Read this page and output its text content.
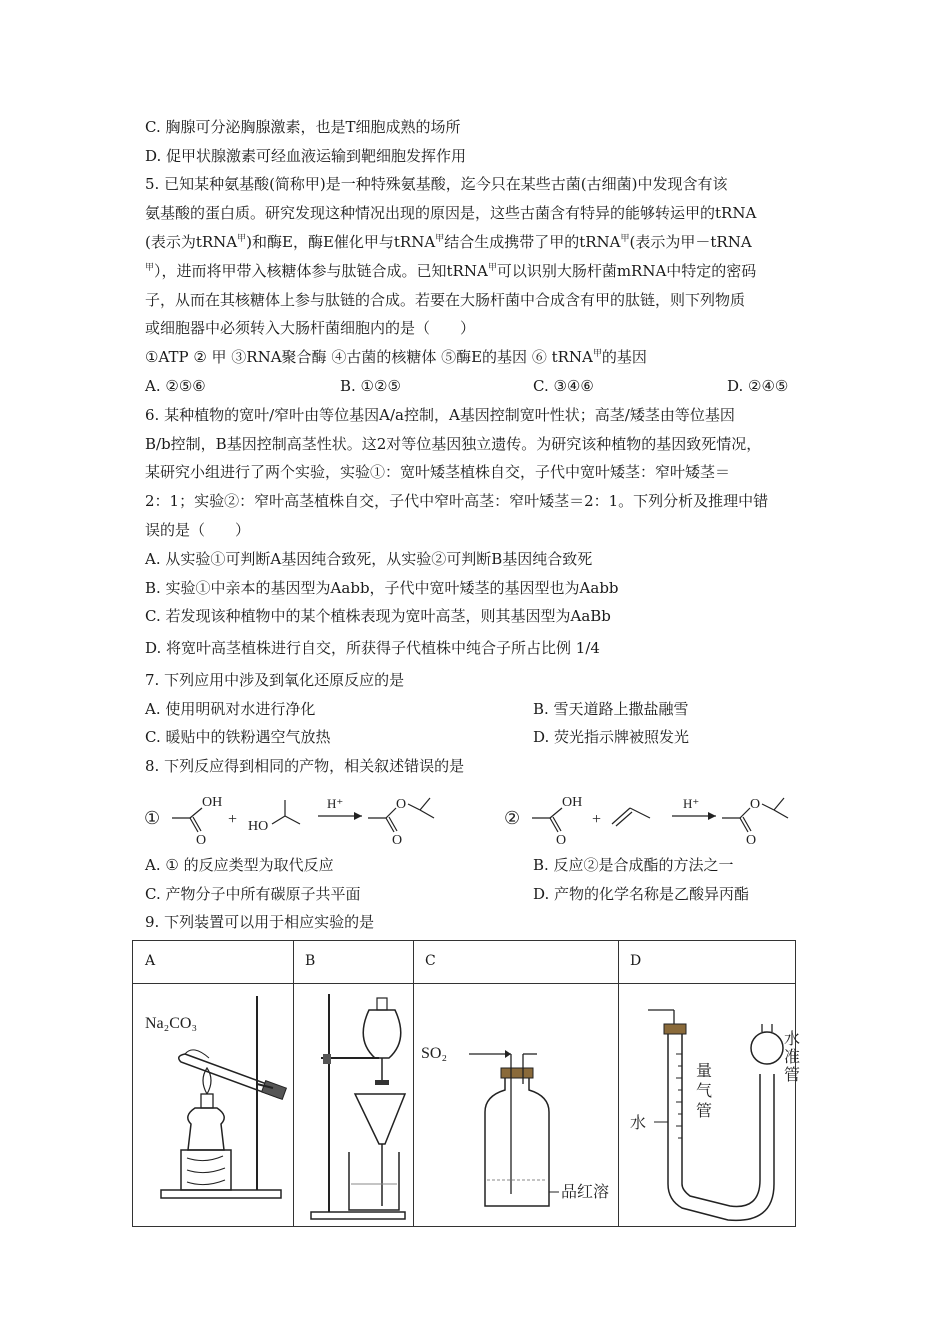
C. 胸腺可分泌胸腺激素，也是T细胞成熟的场所
D. 促甲状腺激素可经血液运输到靶细胞发挥作用
5. 已知某种氨基酸(简称甲)是一种特殊氨基酸，迄今只在某些古菌(古细菌)中发现含有该
氨基酸的蛋白质。研究发现这种情况出现的原因是，这些古菌含有特异的能够转运甲的tRNA
(表示为tRNA$^甲$)和酶E，酶E催化甲与tRNA$^甲$结合生成携带了甲的tRNA$^甲$(表示为甲－tRNA
$^甲$），进而将甲带入核糖体参与肽链合成。已知tRNA$^甲$可以识别大肠杆菌mRNA中特定的密码
子，从而在其核糖体上参与肽链的合成。若要在大肠杆菌中合成含有甲的肽链，则下列物质
或细胞器中必须转入大肠杆菌细胞内的是（　　）
①ATP ② 甲 ③RNA聚合酶 ④古菌的核糖体 ⑤酶E的基因 ⑥ tRNA$^甲$的基因
A. ②⑤⑥	B. ①②⑤	C. ③④⑥	D. ②④⑤
6. 某种植物的宽叶/窄叶由等位基因A/a控制，A基因控制宽叶性状；高茎/矮茎由等位基因
B/b控制，B基因控制高茎性状。这2对等位基因独立遗传。为研究该种植物的基因致死情况，
某研究小组进行了两个实验，实验①：宽叶矮茎植株自交，子代中宽叶矮茎：窄叶矮茎＝
2：1；实验②：窄叶高茎植株自交，子代中窄叶高茎：窄叶矮茎＝2：1。下列分析及推理中错
误的是（　　）
A. 从实验①可判断A基因纯合致死，从实验②可判断B基因纯合致死
B. 实验①中亲本的基因型为Aabb，子代中宽叶矮茎的基因型也为Aabb
C. 若发现该种植物中的某个植株表现为宽叶高茎，则其基因型为AaBb
D. 将宽叶高茎植株进行自交，所获得子代植株中纯合子所占比例 1/4
7. 下列应用中涉及到氧化还原反应的是
A. 使用明矾对水进行净化	B. 雪天道路上撒盐融雪
C. 暖贴中的铁粉遇空气放热	D. 荧光指示牌被照发光
8. 下列反应得到相同的产物，相关叙述错误的是
①
OH
O
+ HO
H⁺	O
O
②
OH
O
+
H⁺	O
O
A. ① 的反应类型为取代反应	B. 反应②是合成酯的方法之一
C. 产物分子中所有碳原子共平面	D. 产物的化学名称是乙酸异丙酯
9. 下列装置可以用于相应实验的是
A	B	C	D
Na₂CO₃
SO₂
品红溶
水
量
气
管
水
准
管
